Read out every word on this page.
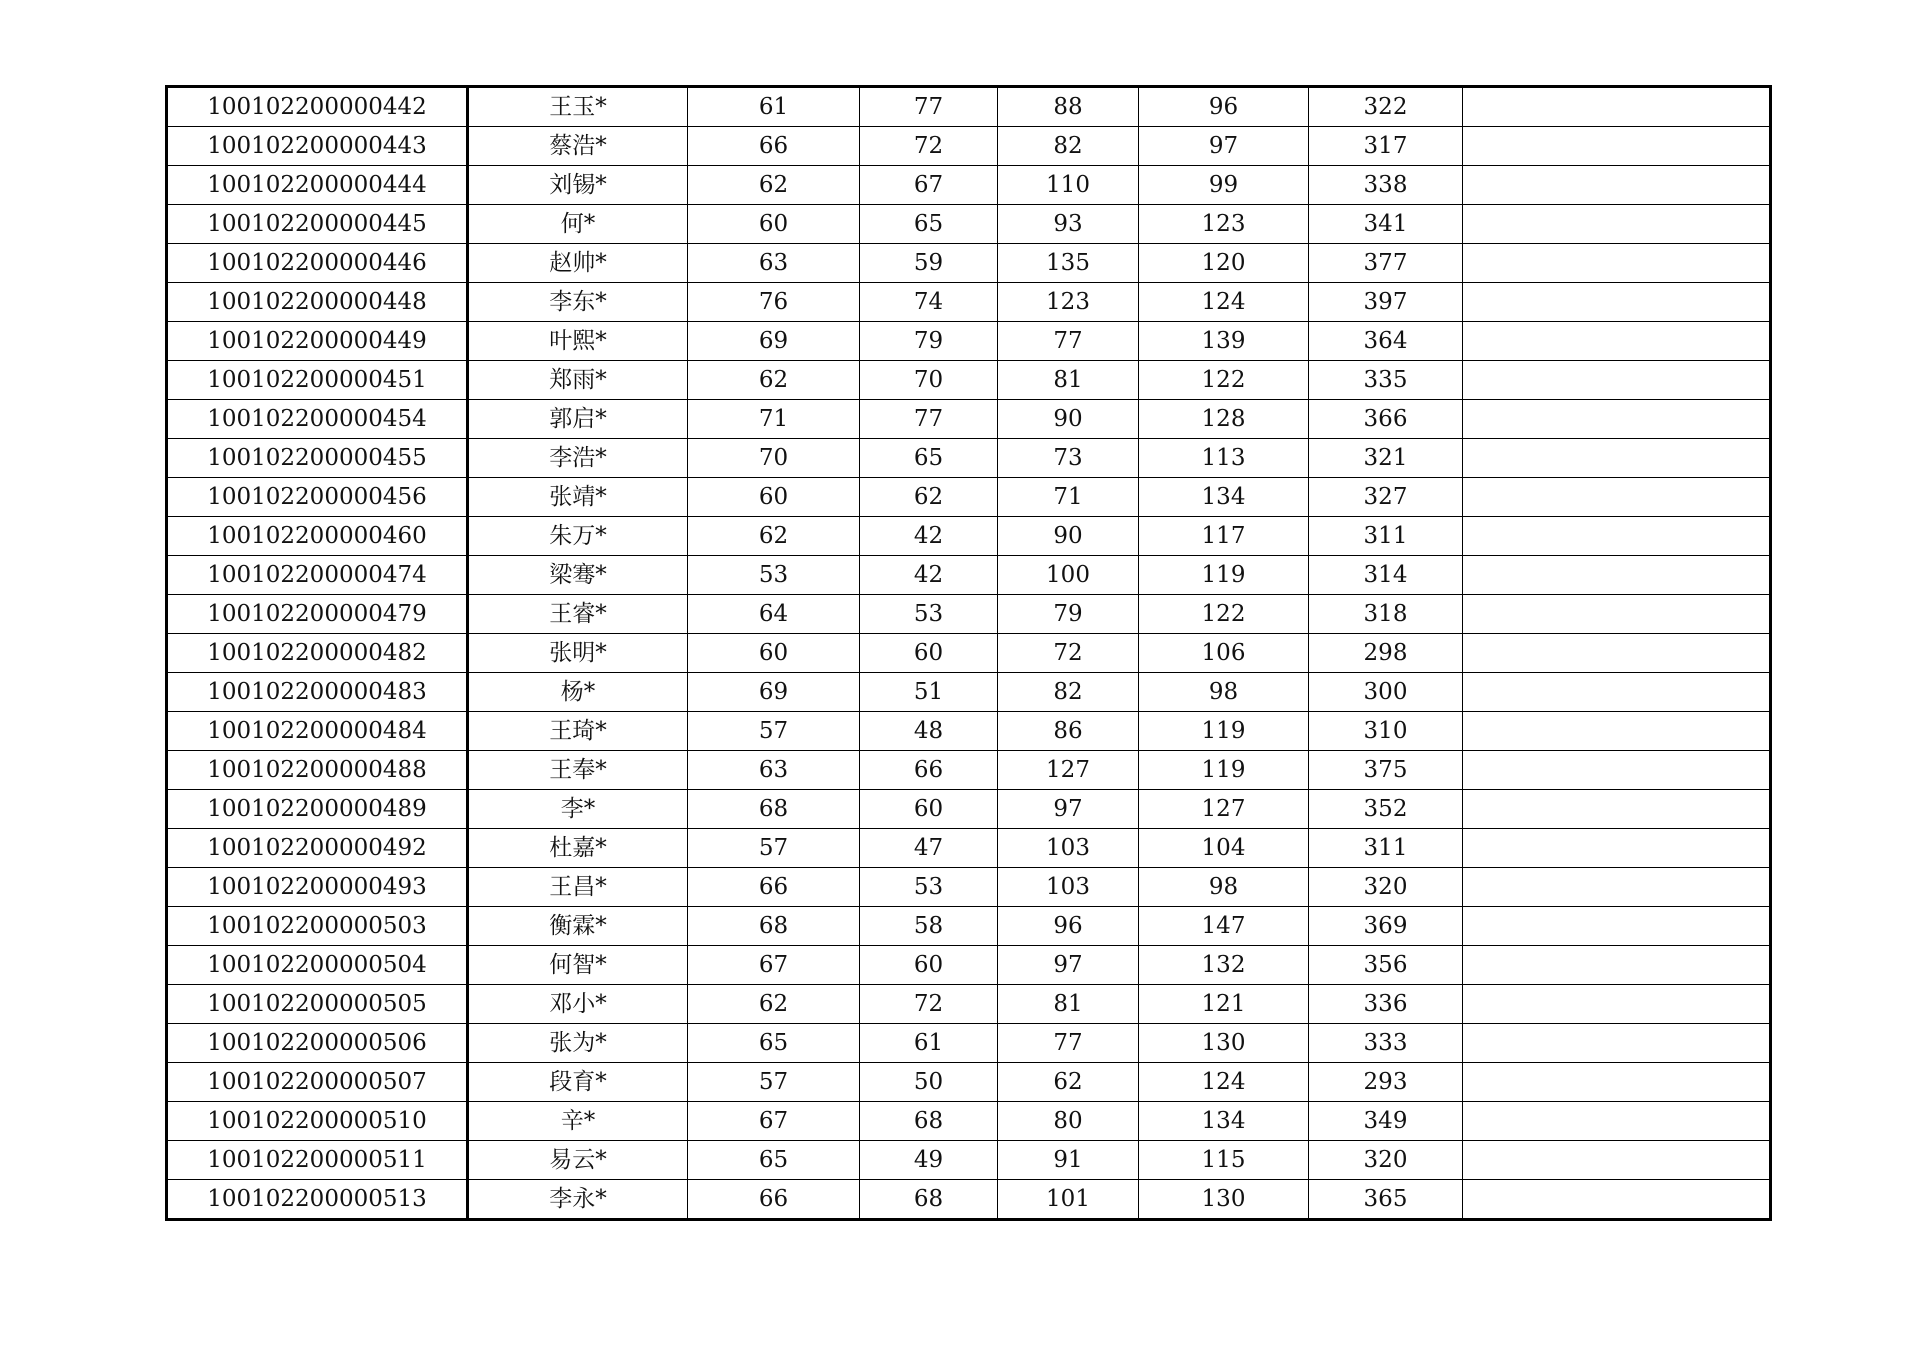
100102200000442	王玉*	61	77	88	96	322	
100102200000443	蔡浩*	66	72	82	97	317	
100102200000444	刘锡*	62	67	110	99	338	
100102200000445	何*	60	65	93	123	341	
100102200000446	赵帅*	63	59	135	120	377	
100102200000448	李东*	76	74	123	124	397	
100102200000449	叶熙*	69	79	77	139	364	
100102200000451	郑雨*	62	70	81	122	335	
100102200000454	郭启*	71	77	90	128	366	
100102200000455	李浩*	70	65	73	113	321	
100102200000456	张靖*	60	62	71	134	327	
100102200000460	朱万*	62	42	90	117	311	
100102200000474	梁骞*	53	42	100	119	314	
100102200000479	王睿*	64	53	79	122	318	
100102200000482	张明*	60	60	72	106	298	
100102200000483	杨*	69	51	82	98	300	
100102200000484	王琦*	57	48	86	119	310	
100102200000488	王奉*	63	66	127	119	375	
100102200000489	李*	68	60	97	127	352	
100102200000492	杜嘉*	57	47	103	104	311	
100102200000493	王昌*	66	53	103	98	320	
100102200000503	衡霖*	68	58	96	147	369	
100102200000504	何智*	67	60	97	132	356	
100102200000505	邓小*	62	72	81	121	336	
100102200000506	张为*	65	61	77	130	333	
100102200000507	段育*	57	50	62	124	293	
100102200000510	辛*	67	68	80	134	349	
100102200000511	易云*	65	49	91	115	320	
100102200000513	李永*	66	68	101	130	365	
